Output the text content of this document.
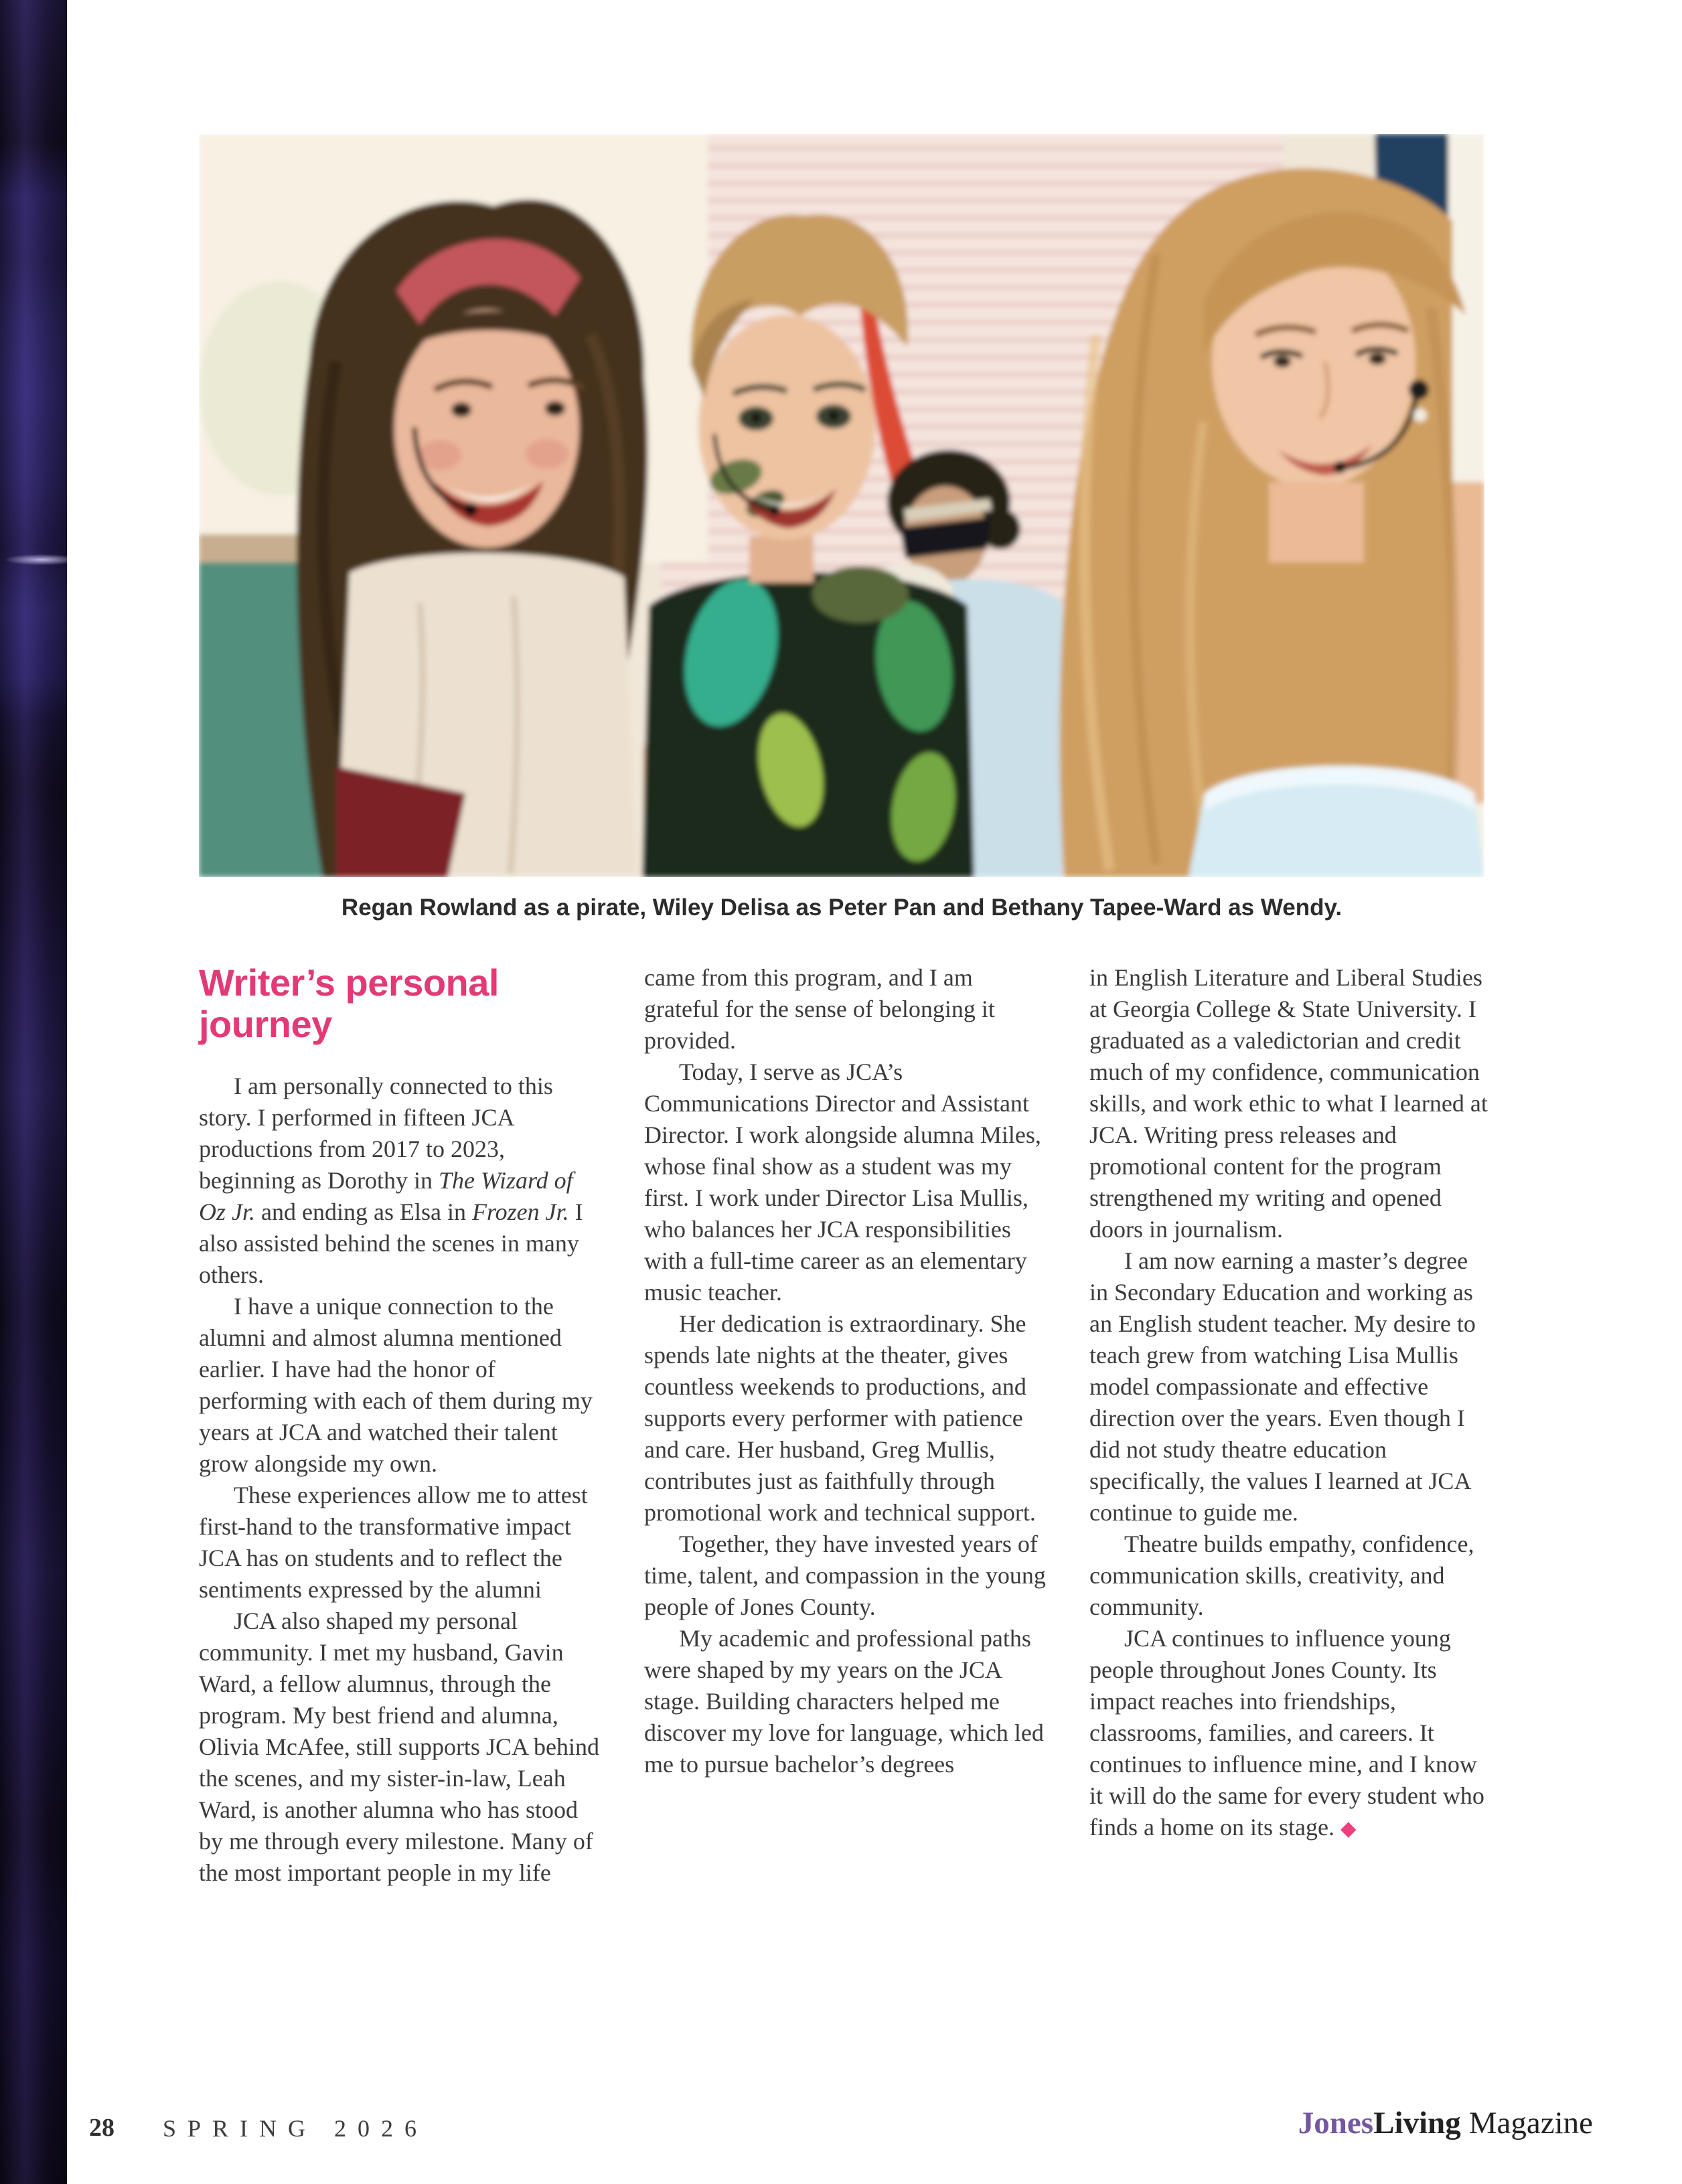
Regan Rowland as a pirate, Wiley Delisa as Peter Pan and Bethany Tapee-Ward as Wendy.

Writer’s personal journey

I am personally connected to this story. I performed in fifteen JCA productions from 2017 to 2023, beginning as Dorothy in The Wizard of Oz Jr. and ending as Elsa in Frozen Jr. I also assisted behind the scenes in many others.

I have a unique connection to the alumni and almost alumna mentioned earlier. I have had the honor of performing with each of them during my years at JCA and watched their talent grow alongside my own.

These experiences allow me to attest first-hand to the transformative impact JCA has on students and to reflect the sentiments expressed by the alumni

JCA also shaped my personal community. I met my husband, Gavin Ward, a fellow alumnus, through the program. My best friend and alumna, Olivia McAfee, still supports JCA behind the scenes, and my sister-in-law, Leah Ward, is another alumna who has stood by me through every milestone. Many of the most important people in my life

came from this program, and I am grateful for the sense of belonging it provided.

Today, I serve as JCA’s Communications Director and Assistant Director. I work alongside alumna Miles, whose final show as a student was my first. I work under Director Lisa Mullis, who balances her JCA responsibilities with a full-time career as an elementary music teacher.

Her dedication is extraordinary. She spends late nights at the theater, gives countless weekends to productions, and supports every performer with patience and care. Her husband, Greg Mullis, contributes just as faithfully through promotional work and technical support.

Together, they have invested years of time, talent, and compassion in the young people of Jones County.

My academic and professional paths were shaped by my years on the JCA stage. Building characters helped me discover my love for language, which led me to pursue bachelor’s degrees

in English Literature and Liberal Studies at Georgia College & State University. I graduated as a valedictorian and credit much of my confidence, communication skills, and work ethic to what I learned at JCA. Writing press releases and promotional content for the program strengthened my writing and opened doors in journalism.

I am now earning a master’s degree in Secondary Education and working as an English student teacher. My desire to teach grew from watching Lisa Mullis model compassionate and effective direction over the years. Even though I did not study theatre education specifically, the values I learned at JCA continue to guide me.

Theatre builds empathy, confidence, communication skills, creativity, and community.

JCA continues to influence young people throughout Jones County. Its impact reaches into friendships, classrooms, families, and careers. It continues to influence mine, and I know it will do the same for every student who finds a home on its stage. ◆

28 SPRING 2026	JonesLiving Magazine
